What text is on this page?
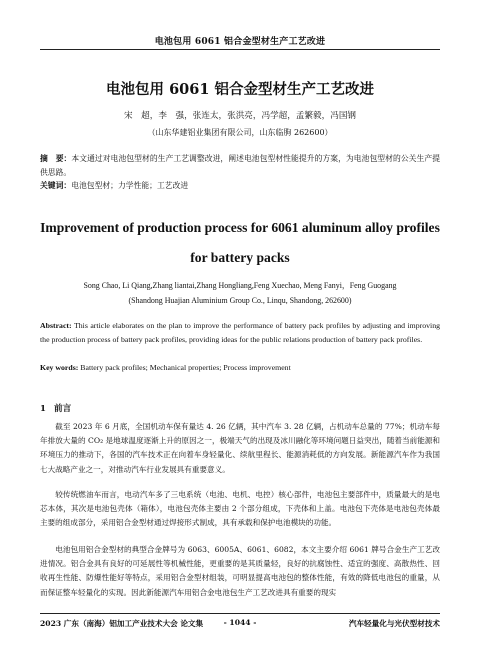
电池包用 6061 铝合金型材生产工艺改进
电池包用 6061 铝合金型材生产工艺改进
宋　超，李　强，张连太，张洪亮，冯学超，孟繁毅，冯国钢
（山东华建铝业集团有限公司，山东临朐 262600）
摘　要：本文通过对电池包型材的生产工艺调整改进，阐述电池包型材性能提升的方案，为电池包型材的公关生产提供思路。
关键词：电池包型材；力学性能；工艺改进
Improvement of production process for 6061 aluminum alloy profiles for battery packs
Song Chao, Li Qiang,Zhang liantai,Zhang Hongliang,Feng Xuechao, Meng Fanyi，Feng Guogang
(Shandong Huajian Aluminium Group Co., Linqu, Shandong, 262600)
Abstract: This article elaborates on the plan to improve the performance of battery pack profiles by adjusting and improving the production process of battery pack profiles, providing ideas for the public relations production of battery pack profiles.
Key words: Battery pack profiles; Mechanical properties; Process improvement
1 前言
截至 2023 年 6 月底，全国机动车保有量达 4. 26 亿辆，其中汽车 3. 28 亿辆，占机动车总量的 77%；机动车每年排放大量的 CO₂ 是地球温度逐渐上升的原因之一，极端天气的出现及冰川融化等环境问题日益突出，随着当前能源和环境压力的推动下，各国的汽车技术正在向着车身轻量化、续航里程长、能源消耗低的方向发展。新能源汽车作为我国七大战略产业之一，对推动汽车行业发展具有重要意义。
较传统燃油车而言，电动汽车多了三电系统（电池、电机、电控）核心部件，电池包主要部件中，质量最大的是电芯本体，其次是电池包壳体（箱体），电池包壳体主要由 2 个部分组成，下壳体和上盖。电池包下壳体是电池包壳体最主要的组成部分，采用铝合金型材通过焊接形式制成，具有承载和保护电池模块的功能。
电池包用铝合金型材的典型合金牌号为 6063、6005A、6061、6082，本文主要介绍 6061 牌号合金生产工艺改进情况。铝合金具有良好的可延展性等机械性能，更重要的是其质量轻，良好的抗腐蚀性、适宜的强度、高散热性、回收再生性能、防爆性能好等特点，采用铝合金型材组装，可明显提高电池包的整体性能，有效的降低电池包的重量，从而保证整车轻量化的实现。因此新能源汽车用铝合金电池包生产工艺改进具有重要的现实
2023 广东（南海）铝加工产业技术大会 论文集	- 1044 -	汽车轻量化与光伏型材技术
